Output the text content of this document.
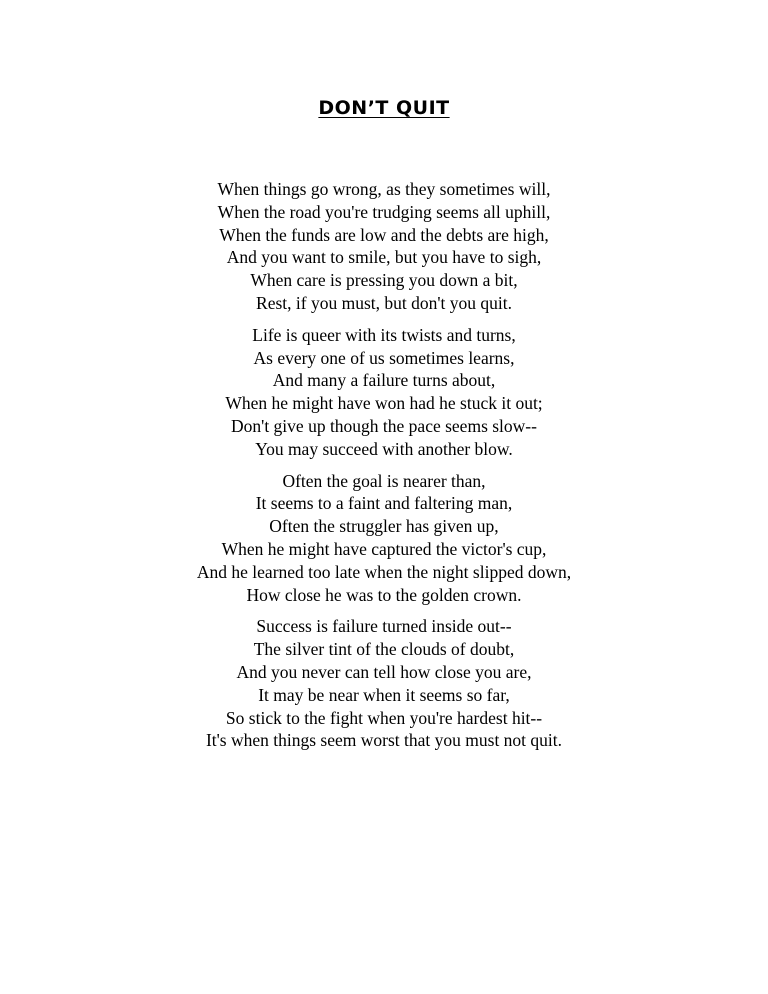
DON’T QUIT
When things go wrong, as they sometimes will,
When the road you're trudging seems all uphill,
When the funds are low and the debts are high,
And you want to smile, but you have to sigh,
When care is pressing you down a bit,
Rest, if you must, but don't you quit.
Life is queer with its twists and turns,
As every one of us sometimes learns,
And many a failure turns about,
When he might have won had he stuck it out;
Don't give up though the pace seems slow--
You may succeed with another blow.
Often the goal is nearer than,
It seems to a faint and faltering man,
Often the struggler has given up,
When he might have captured the victor's cup,
And he learned too late when the night slipped down,
How close he was to the golden crown.
Success is failure turned inside out--
The silver tint of the clouds of doubt,
And you never can tell how close you are,
It may be near when it seems so far,
So stick to the fight when you're hardest hit--
It's when things seem worst that you must not quit.
